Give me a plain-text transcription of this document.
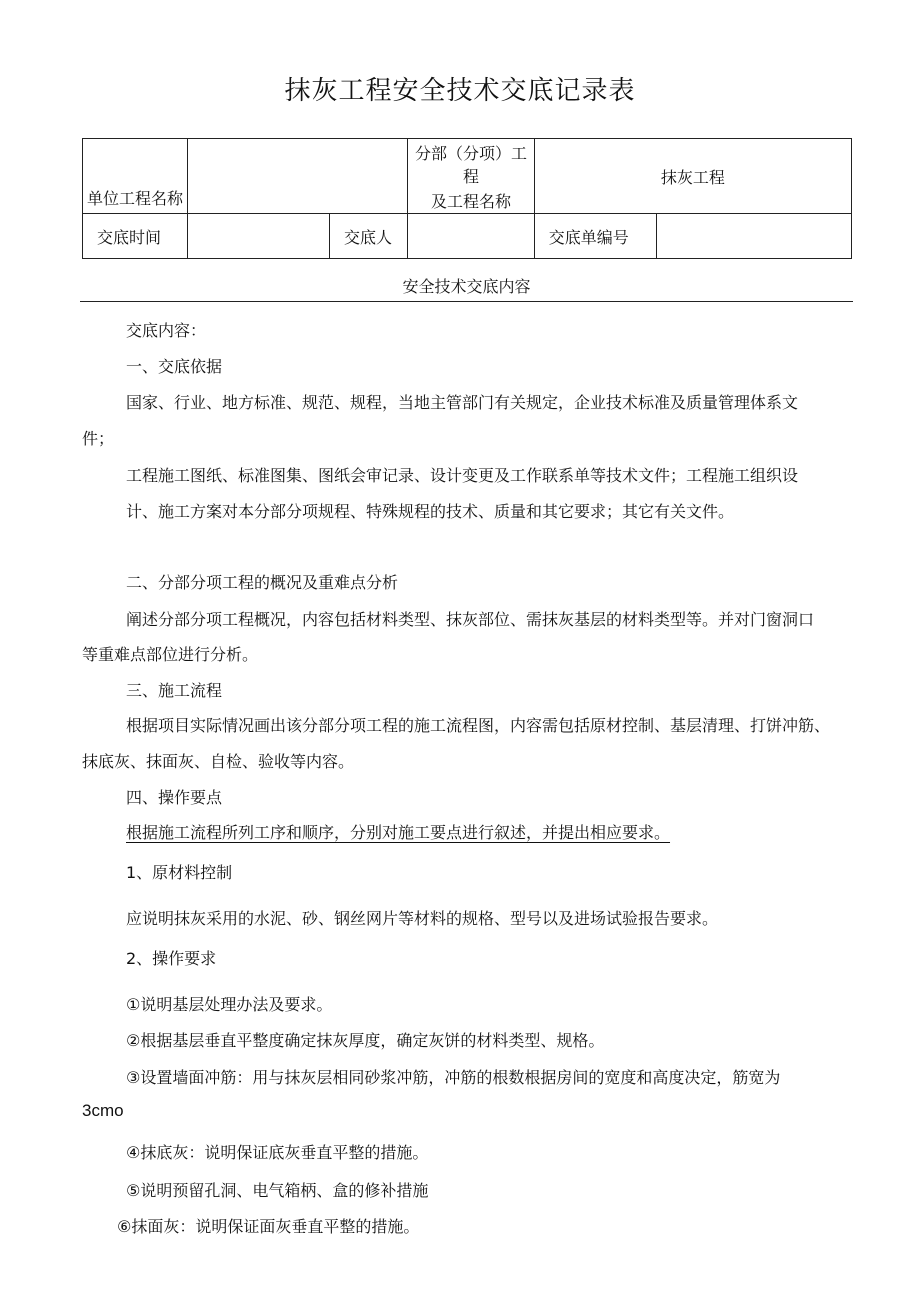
抹灰工程安全技术交底记录表
单位工程名称			分部（分项）工程
及工程名称	抹灰工程	
交底时间		交底人		交底单编号	
安全技术交底内容
交底内容：
一、交底依据
国家、行业、地方标准、规范、规程，当地主管部门有关规定，企业技术标准及质量管理体系文
件；
工程施工图纸、标准图集、图纸会审记录、设计变更及工作联系单等技术文件；工程施工组织设
计、施工方案对本分部分项规程、特殊规程的技术、质量和其它要求；其它有关文件。
二、分部分项工程的概况及重难点分析
阐述分部分项工程概况，内容包括材料类型、抹灰部位、需抹灰基层的材料类型等。并对门窗洞口
等重难点部位进行分析。
三、施工流程
根据项目实际情况画出该分部分项工程的施工流程图，内容需包括原材控制、基层清理、打饼冲筋、
抹底灰、抹面灰、自检、验收等内容。
四、操作要点
根据施工流程所列工序和顺序，分别对施工要点进行叙述，并提出相应要求。
1、原材料控制
应说明抹灰采用的水泥、砂、钢丝网片等材料的规格、型号以及进场试验报告要求。
2、操作要求
①说明基层处理办法及要求。
②根据基层垂直平整度确定抹灰厚度，确定灰饼的材料类型、规格。
③设置墙面冲筋：用与抹灰层相同砂浆冲筋，冲筋的根数根据房间的宽度和高度决定，筋宽为
3cmo
④抹底灰：说明保证底灰垂直平整的措施。
⑤说明预留孔洞、电气箱柄、盒的修补措施
⑥抹面灰：说明保证面灰垂直平整的措施。
